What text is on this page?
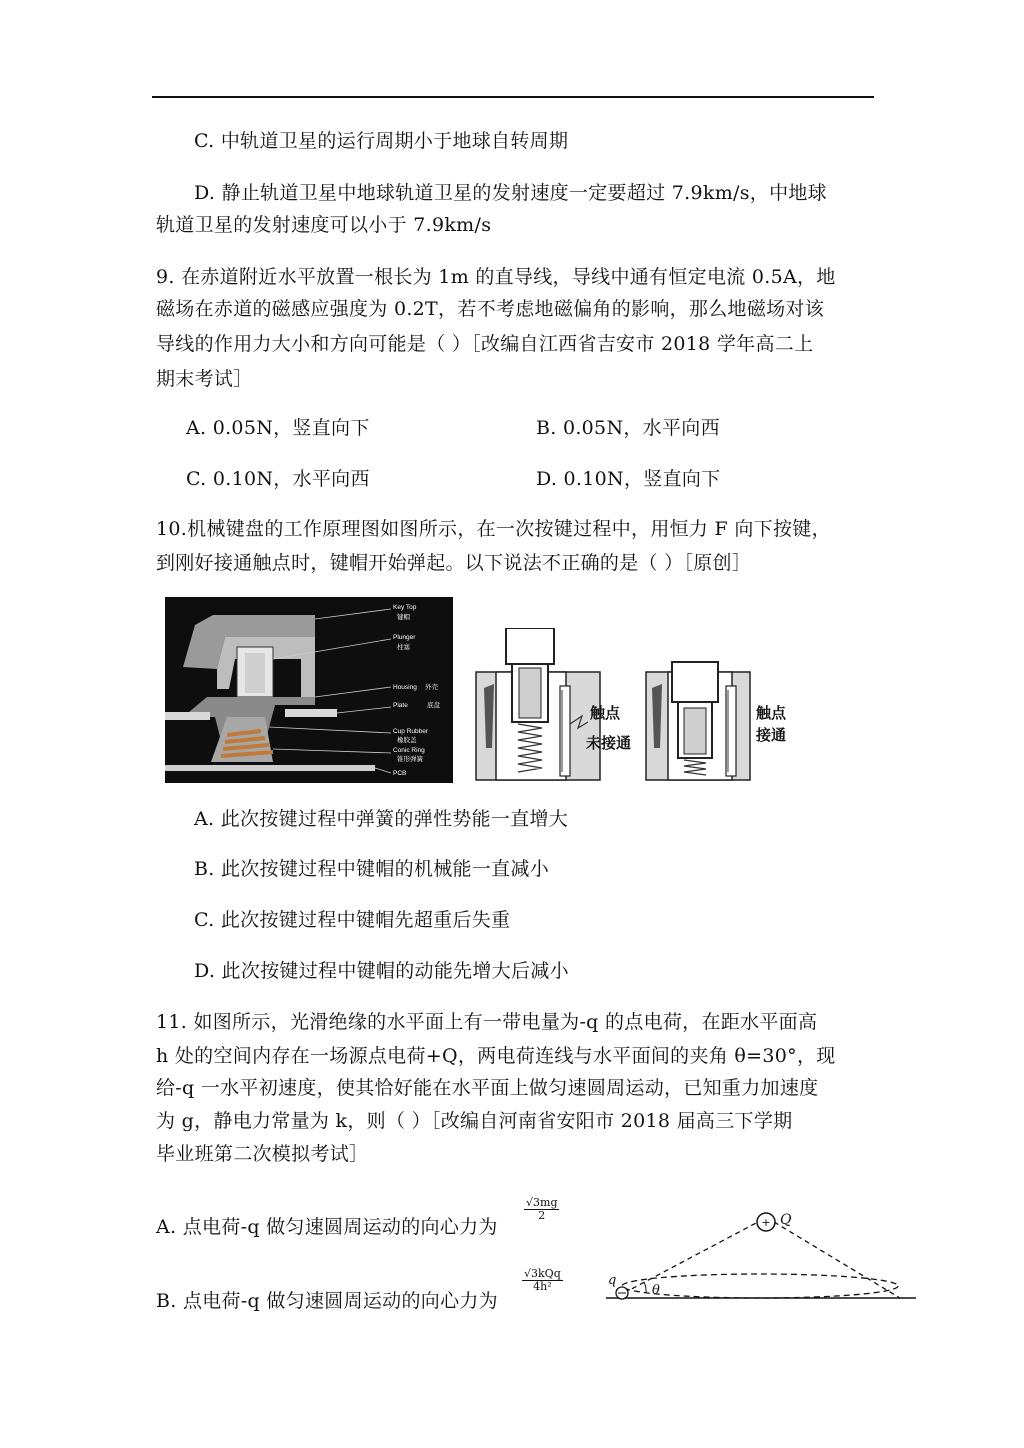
C. 中轨道卫星的运行周期小于地球自转周期
D. 静止轨道卫星中地球轨道卫星的发射速度一定要超过 7.9km/s，中地球
轨道卫星的发射速度可以小于 7.9km/s
9. 在赤道附近水平放置一根长为 1m 的直导线，导线中通有恒定电流 0.5A，地
磁场在赤道的磁感应强度为 0.2T，若不考虑地磁偏角的影响，那么地磁场对该
导线的作用力大小和方向可能是（ ）［改编自江西省吉安市 2018 学年高二上
期末考试］
A. 0.05N，竖直向下	B. 0.05N，水平向西
C. 0.10N，水平向西	D. 0.10N，竖直向下
10.机械键盘的工作原理图如图所示，在一次按键过程中，用恒力 F 向下按键，
到刚好接通触点时，键帽开始弹起。以下说法不正确的是（ ）［原创］
Key Top
键帽
Plunger
柱塞
Housing 外壳
Plate	底盘
Cup Rubber
橡胶盖
Conic Ring
锥形弹簧
PCB
触点
未接通
触点
接通
A. 此次按键过程中弹簧的弹性势能一直增大
B. 此次按键过程中键帽的机械能一直减小
C. 此次按键过程中键帽先超重后失重
D. 此次按键过程中键帽的动能先增大后减小
11. 如图所示，光滑绝缘的水平面上有一带电量为-q 的点电荷，在距水平面高
h 处的空间内存在一场源点电荷+Q，两电荷连线与水平面间的夹角 θ=30°，现
给-q 一水平初速度，使其恰好能在水平面上做匀速圆周运动，已知重力加速度
为 g，静电力常量为 k，则（ ）［改编自河南省安阳市 2018 届高三下学期
毕业班第二次模拟考试］
A. 点电荷-q 做匀速圆周运动的向心力为
$\frac{√3mg}{2}$
B. 点电荷-q 做匀速圆周运动的向心力为
√3kQq
4h²
+ Q
q
θ
